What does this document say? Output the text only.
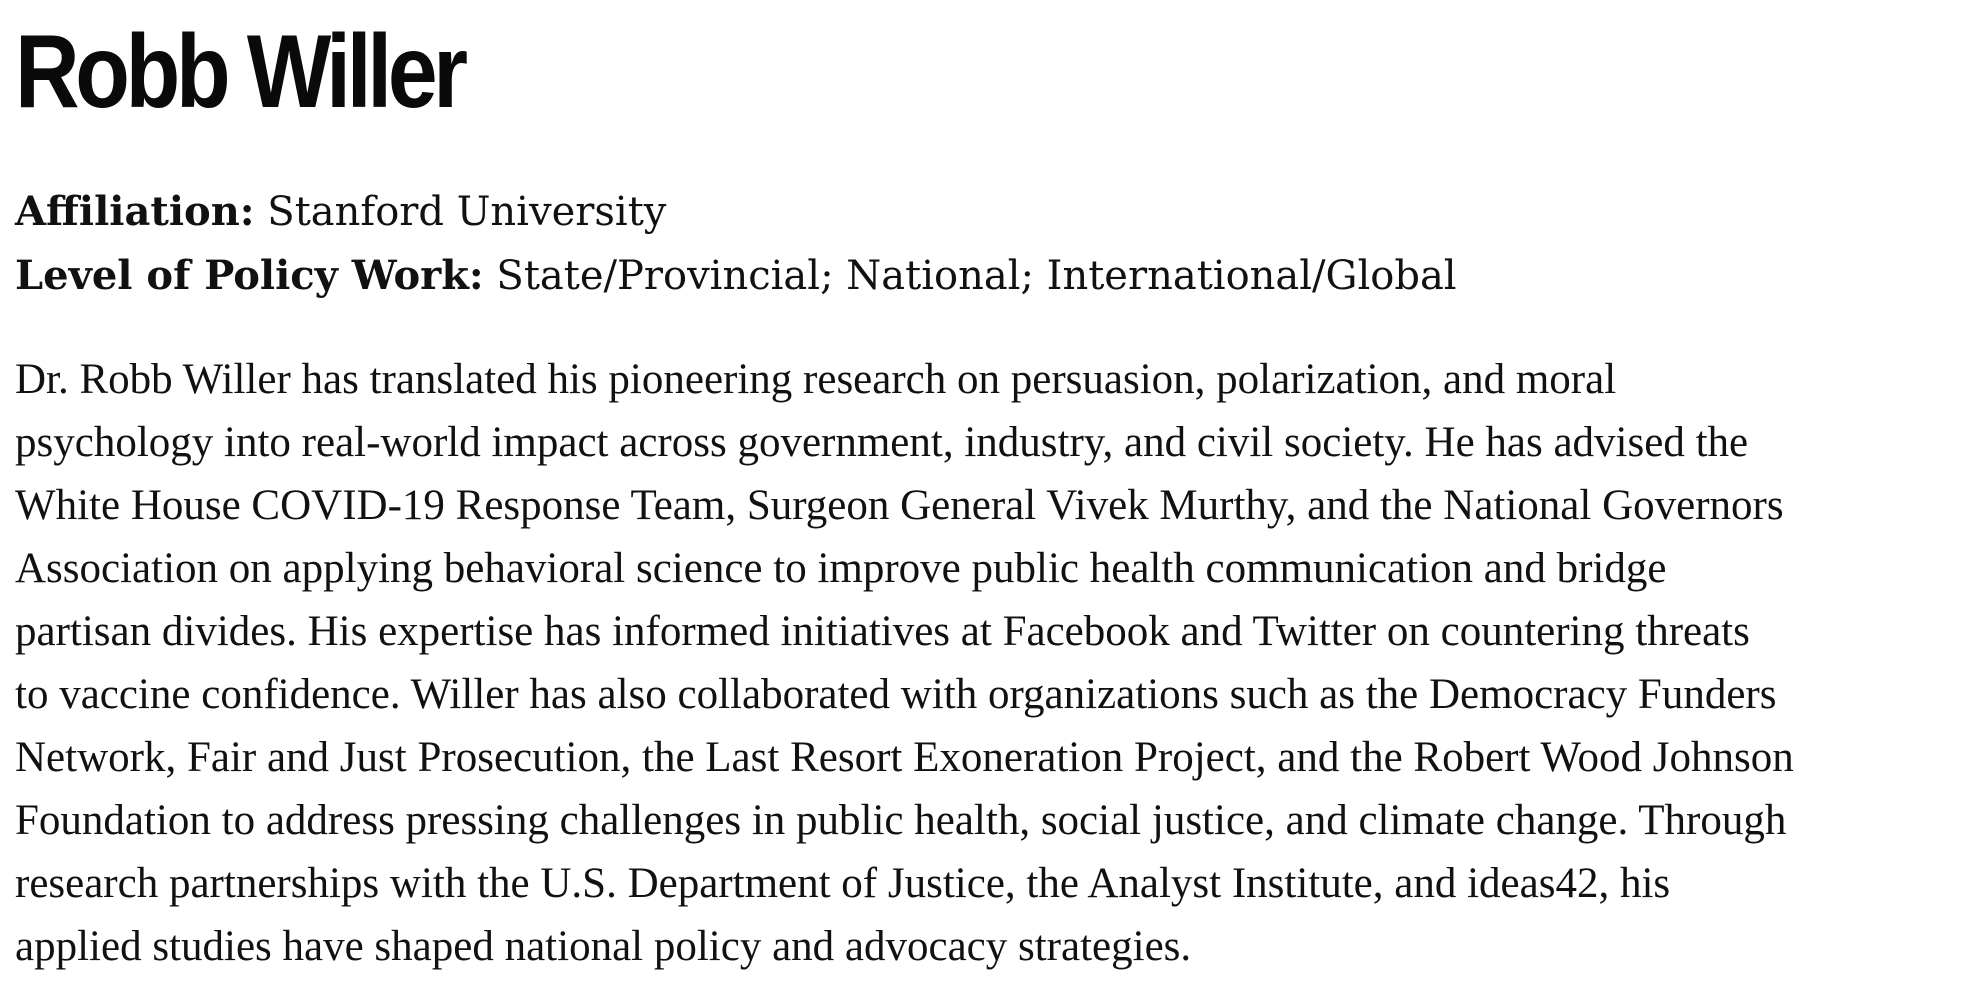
Robb Willer
Affiliation: Stanford University
Level of Policy Work: State/Provincial; National; International/Global

Dr. Robb Willer has translated his pioneering research on persuasion, polarization, and moral
psychology into real-world impact across government, industry, and civil society. He has advised the
White House COVID-19 Response Team, Surgeon General Vivek Murthy, and the National Governors
Association on applying behavioral science to improve public health communication and bridge
partisan divides. His expertise has informed initiatives at Facebook and Twitter on countering threats
to vaccine confidence. Willer has also collaborated with organizations such as the Democracy Funders
Network, Fair and Just Prosecution, the Last Resort Exoneration Project, and the Robert Wood Johnson
Foundation to address pressing challenges in public health, social justice, and climate change. Through
research partnerships with the U.S. Department of Justice, the Analyst Institute, and ideas42, his
applied studies have shaped national policy and advocacy strategies.
